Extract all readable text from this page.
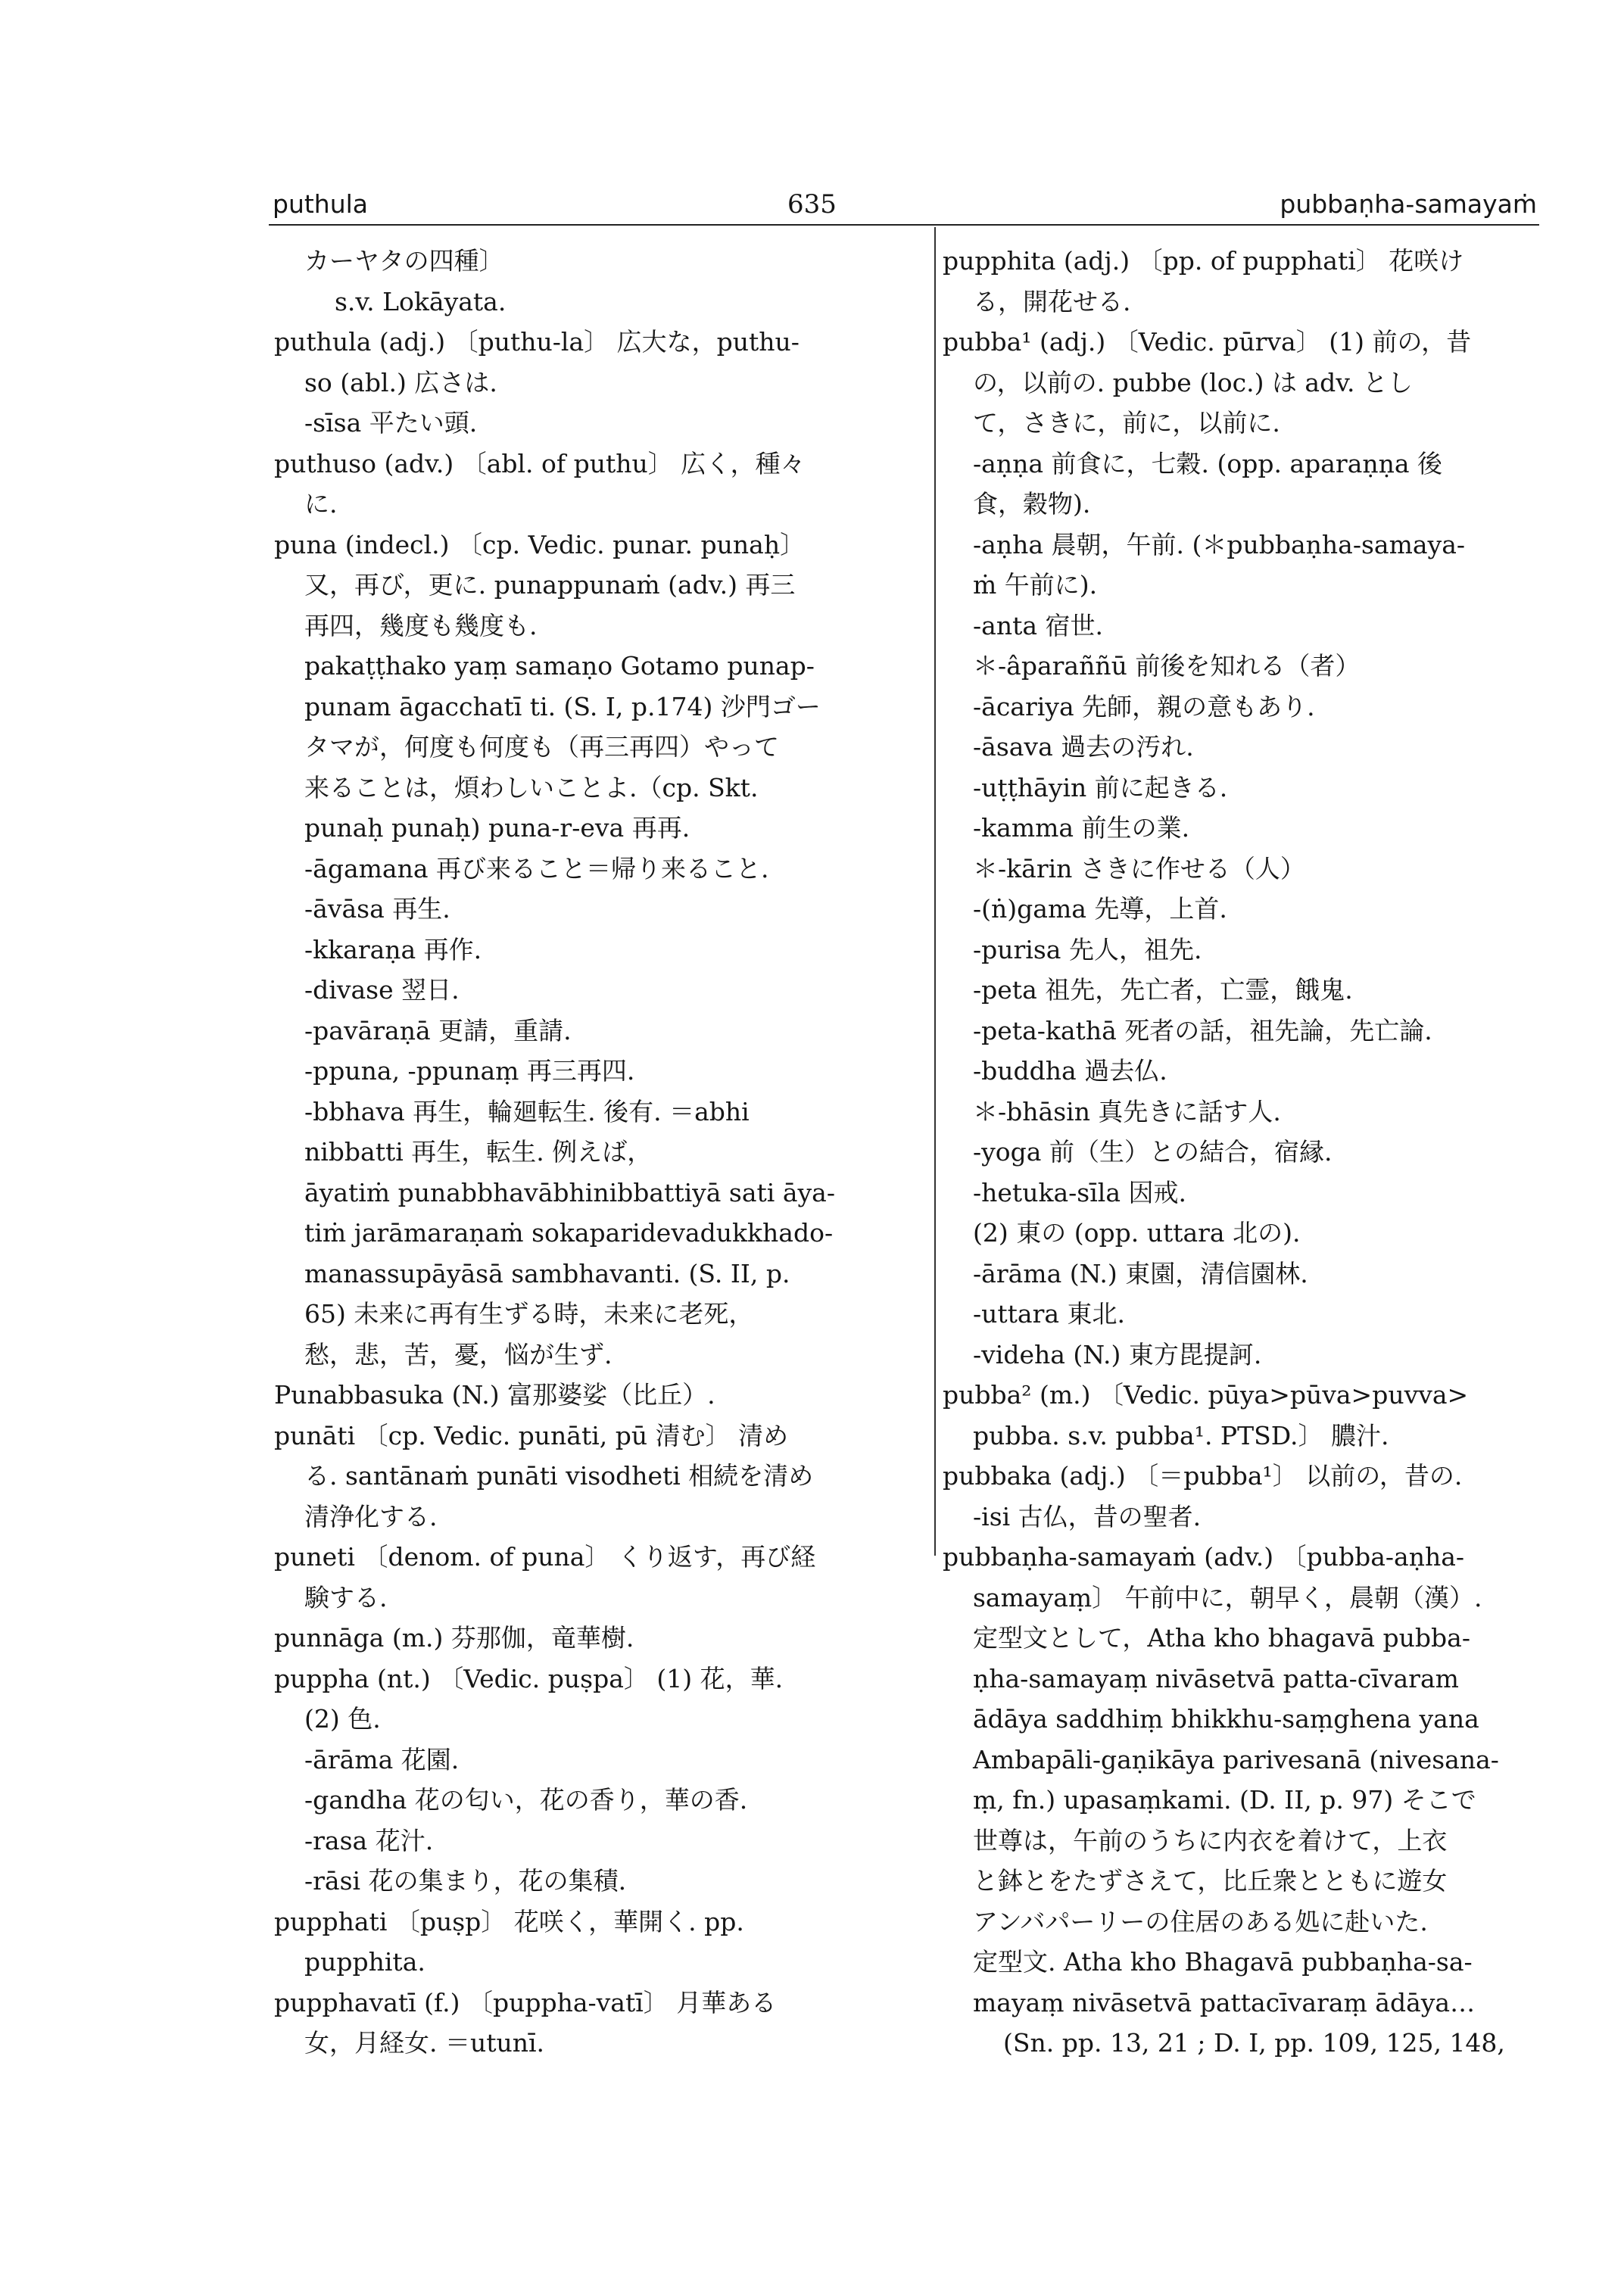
puthula	635	pubbaṇha-samayaṁ
カーヤタの四種〕
s.v. Lokāyata.
puthula (adj.) 〔puthu-la〕 広大な，puthu-
so (abl.) 広さは.
-sīsa 平たい頭.
puthuso (adv.) 〔abl. of puthu〕 広く，種々
に.
puna (indecl.) 〔cp. Vedic. punar. punaḥ〕
又，再び，更に. punappunaṁ (adv.) 再三
再四，幾度も幾度も.
pakaṭṭhako yaṃ samaṇo Gotamo punap-
punam āgacchatī ti. (S. I, p.174) 沙門ゴー
タマが，何度も何度も（再三再四）やって
来ることは，煩わしいことよ.（cp. Skt.
punaḥ punaḥ) puna-r-eva 再再.
-āgamana 再び来ること＝帰り来ること.
-āvāsa 再生.
-kkaraṇa 再作.
-divase 翌日.
-pavāraṇā 更請，重請.
-ppuna, -ppunaṃ 再三再四.
-bbhava 再生，輪廻転生. 後有. ＝abhi
nibbatti 再生，転生. 例えば，
āyatiṁ punabbhavābhinibbattiyā sati āya-
tiṁ jarāmaraṇaṁ sokaparidevadukkhado-
manassupāyāsā sambhavanti. (S. II, p.
65) 未来に再有生ずる時，未来に老死，
愁，悲，苦，憂，悩が生ず.
Punabbasuka (N.) 富那婆娑（比丘）.
punāti 〔cp. Vedic. punāti, pū 清む〕 清め
る. santānaṁ punāti visodheti 相続を清め
清浄化する.
puneti 〔denom. of puna〕 くり返す，再び経
験する.
punnāga (m.) 芬那伽，竜華樹.
puppha (nt.) 〔Vedic. puṣpa〕 (1) 花，華.
(2) 色.
-ārāma 花園.
-gandha 花の匂い，花の香り，華の香.
-rasa 花汁.
-rāsi 花の集まり，花の集積.
pupphati 〔puṣp〕 花咲く，華開く. pp.
pupphita.
pupphavatī (f.) 〔puppha-vatī〕 月華ある
女，月経女. ＝utunī.
pupphita (adj.) 〔pp. of pupphati〕 花咲け
る，開花せる.
pubba¹ (adj.) 〔Vedic. pūrva〕 (1) 前の，昔
の，以前の. pubbe (loc.) は adv. とし
て，さきに，前に，以前に.
-aṇṇa 前食に，七穀. (opp. aparaṇṇa 後
食，穀物).
-aṇha 晨朝，午前. (＊pubbaṇha-samaya-
ṁ 午前に).
-anta 宿世.
＊-âparaññū 前後を知れる（者）
-ācariya 先師，親の意もあり.
-āsava 過去の汚れ.
-uṭṭhāyin 前に起きる.
-kamma 前生の業.
＊-kārin さきに作せる（人）
-(ṅ)gama 先導，上首.
-purisa 先人，祖先.
-peta 祖先，先亡者，亡霊，餓鬼.
-peta-kathā 死者の話，祖先論，先亡論.
-buddha 過去仏.
＊-bhāsin 真先きに話す人.
-yoga 前（生）との結合，宿縁.
-hetuka-sīla 因戒.
(2) 東の (opp. uttara 北の).
-ārāma (N.) 東園，清信園林.
-uttara 東北.
-videha (N.) 東方毘提訶.
pubba² (m.) 〔Vedic. pūya>pūva>puvva>
pubba. s.v. pubba¹. PTSD.〕 膿汁.
pubbaka (adj.) 〔＝pubba¹〕 以前の，昔の.
-isi 古仏，昔の聖者.
pubbaṇha-samayaṁ (adv.) 〔pubba-aṇha-
samayaṃ〕 午前中に，朝早く，晨朝（漢）.
定型文として，Atha kho bhagavā pubba-
ṇha-samayaṃ nivāsetvā patta-cīvaram
ādāya saddhiṃ bhikkhu-saṃghena yana
Ambapāli-gaṇikāya parivesanā (nivesana-
ṃ, fn.) upasaṃkami. (D. II, p. 97) そこで
世尊は，午前のうちに内衣を着けて，上衣
と鉢とをたずさえて，比丘衆とともに遊女
アンバパーリーの住居のある処に赴いた.
定型文. Atha kho Bhagavā pubbaṇha-sa-
mayaṃ nivāsetvā pattacīvaraṃ ādāya…
(Sn. pp. 13, 21 ; D. I, pp. 109, 125, 148,
